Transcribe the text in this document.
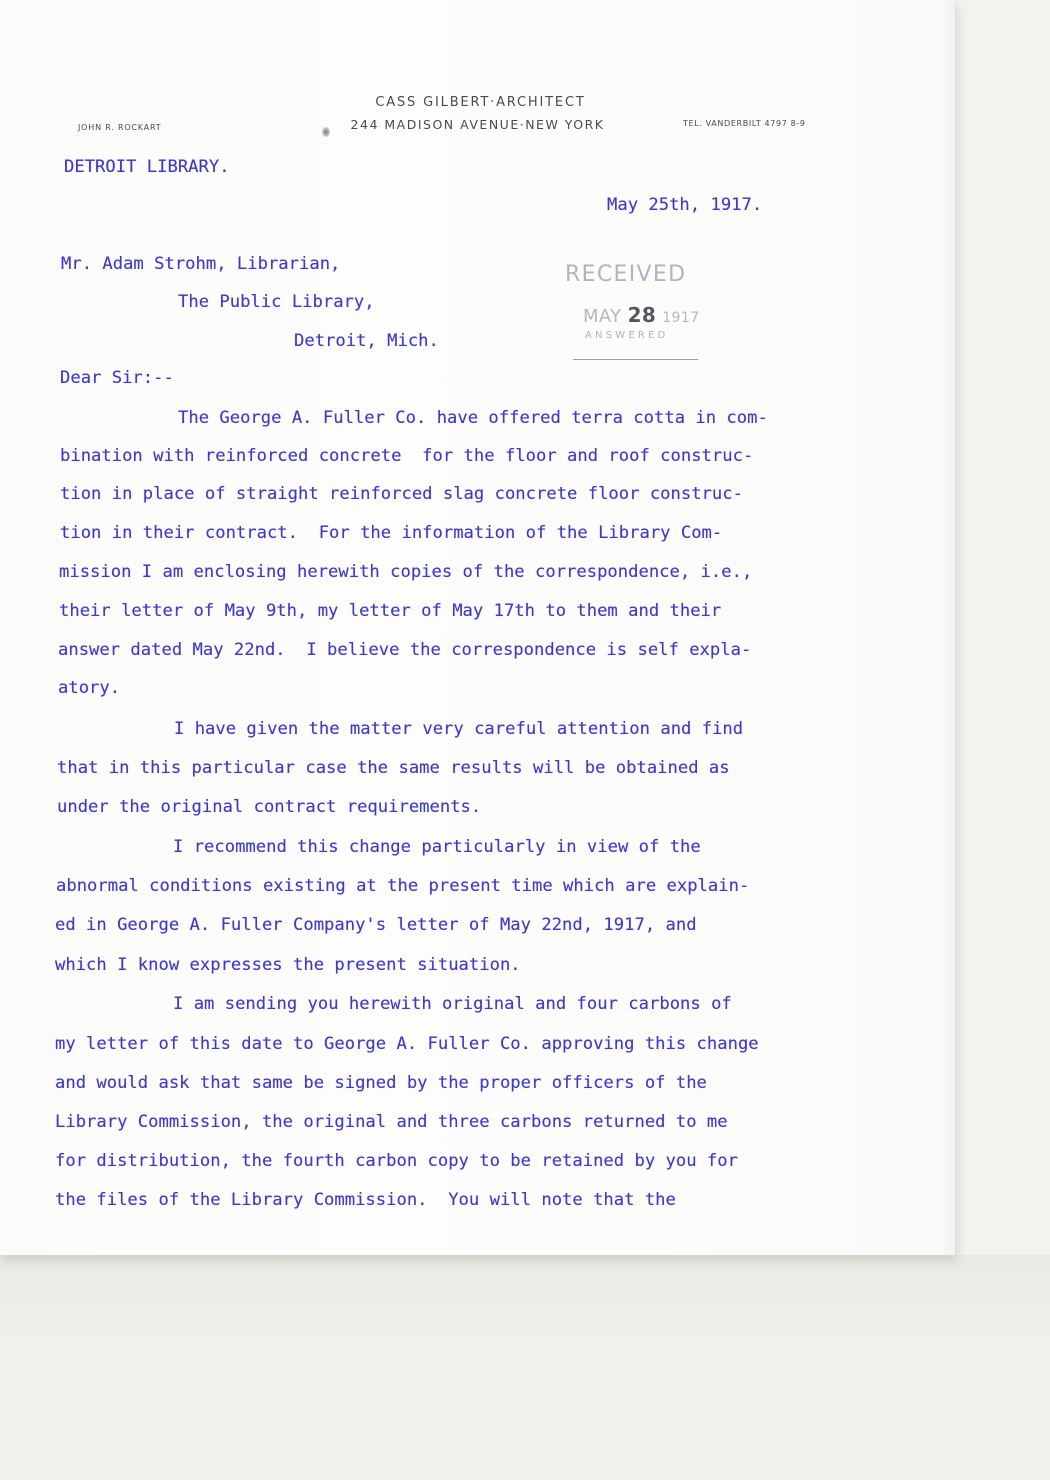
CASS GILBERT·ARCHITECT
244 MADISON AVENUE·NEW YORK
JOHN R. ROCKART	TEL. VANDERBILT 4797 8-9
DETROIT LIBRARY.
May 25th, 1917.
Mr. Adam Strohm, Librarian,
The Public Library,
Detroit, Mich.
RECEIVED
MAY 28 1917
ANSWERED
Dear Sir:--
The George A. Fuller Co. have offered terra cotta in com-
bination with reinforced concrete  for the floor and roof construc-
tion in place of straight reinforced slag concrete floor construc-
tion in their contract.  For the information of the Library Com-
mission I am enclosing herewith copies of the correspondence, i.e.,
their letter of May 9th, my letter of May 17th to them and their
answer dated May 22nd.  I believe the correspondence is self expla-
atory.
I have given the matter very careful attention and find
that in this particular case the same results will be obtained as
under the original contract requirements.
I recommend this change particularly in view of the
abnormal conditions existing at the present time which are explain-
ed in George A. Fuller Company's letter of May 22nd, 1917, and
which I know expresses the present situation.
I am sending you herewith original and four carbons of
my letter of this date to George A. Fuller Co. approving this change
and would ask that same be signed by the proper officers of the
Library Commission, the original and three carbons returned to me
for distribution, the fourth carbon copy to be retained by you for
the files of the Library Commission.  You will note that the
